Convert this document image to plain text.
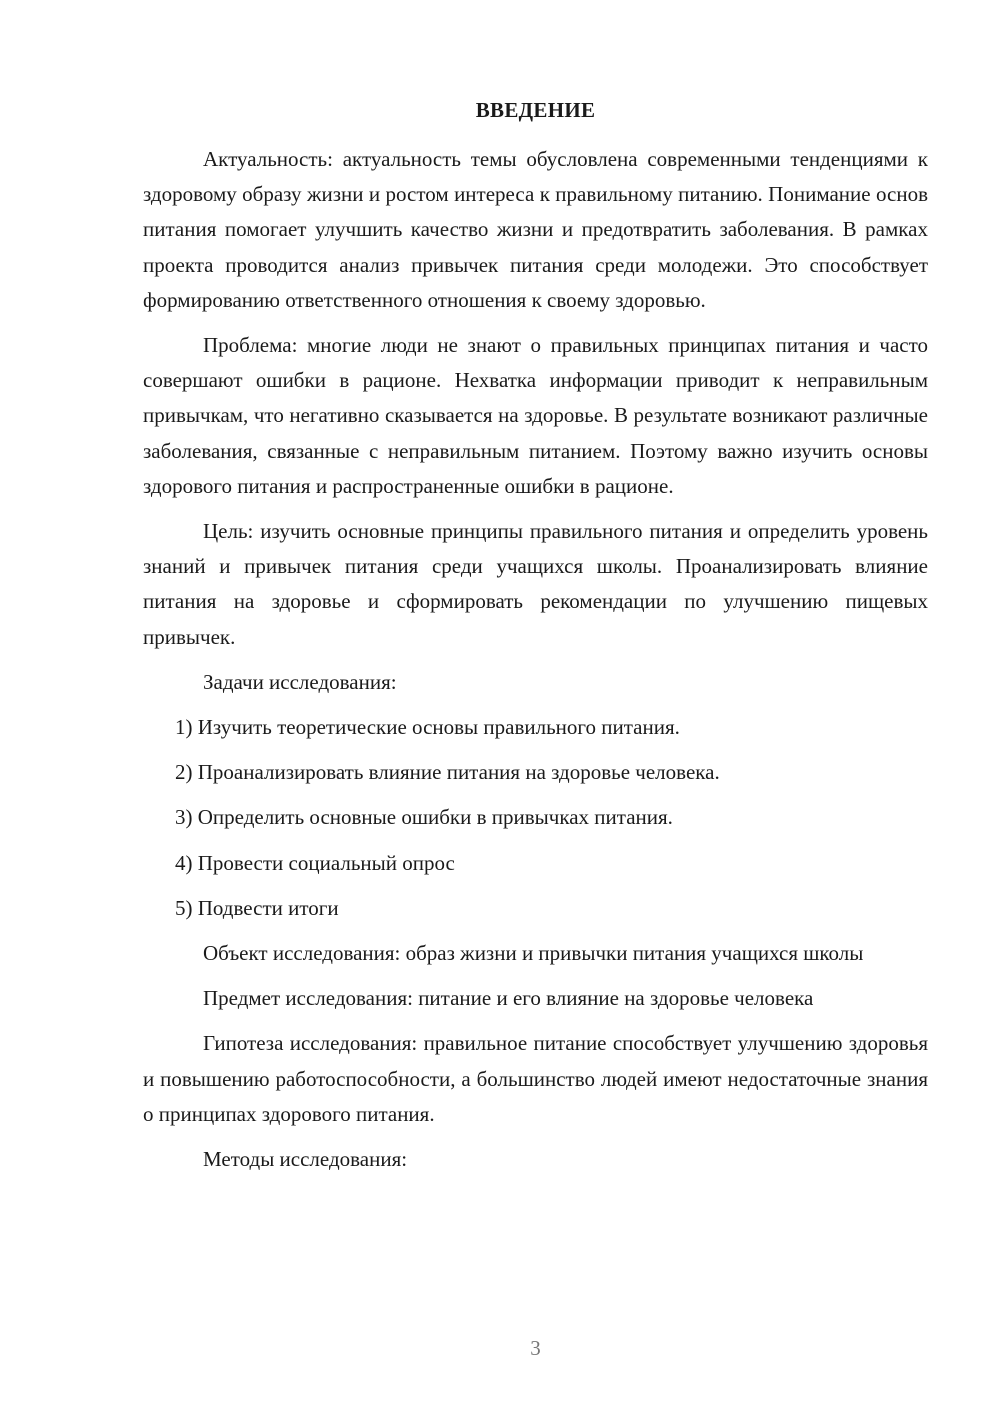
ВВЕДЕНИЕ

Актуальность: актуальность темы обусловлена современными тенденциями к здоровому образу жизни и ростом интереса к правильному питанию. Понимание основ питания помогает улучшить качество жизни и предотвратить заболевания. В рамках проекта проводится анализ привычек питания среди молодежи. Это способствует формированию ответственного отношения к своему здоровью.

Проблема: многие люди не знают о правильных принципах питания и часто совершают ошибки в рационе. Нехватка информации приводит к неправильным привычкам, что негативно сказывается на здоровье. В результате возникают различные заболевания, связанные с неправильным питанием. Поэтому важно изучить основы здорового питания и распространенные ошибки в рационе.

Цель: изучить основные принципы правильного питания и определить уровень знаний и привычек питания среди учащихся школы. Проанализировать влияние питания на здоровье и сформировать рекомендации по улучшению пищевых привычек.

Задачи исследования:

1) Изучить теоретические основы правильного питания.

2) Проанализировать влияние питания на здоровье человека.

3) Определить основные ошибки в привычках питания.

4) Провести социальный опрос

5) Подвести итоги

Объект исследования: образ жизни и привычки питания учащихся школы

Предмет исследования: питание и его влияние на здоровье человека

Гипотеза исследования: правильное питание способствует улучшению здоровья и повышению работоспособности, а большинство людей имеют недостаточные знания о принципах здорового питания.

Методы исследования:

3
